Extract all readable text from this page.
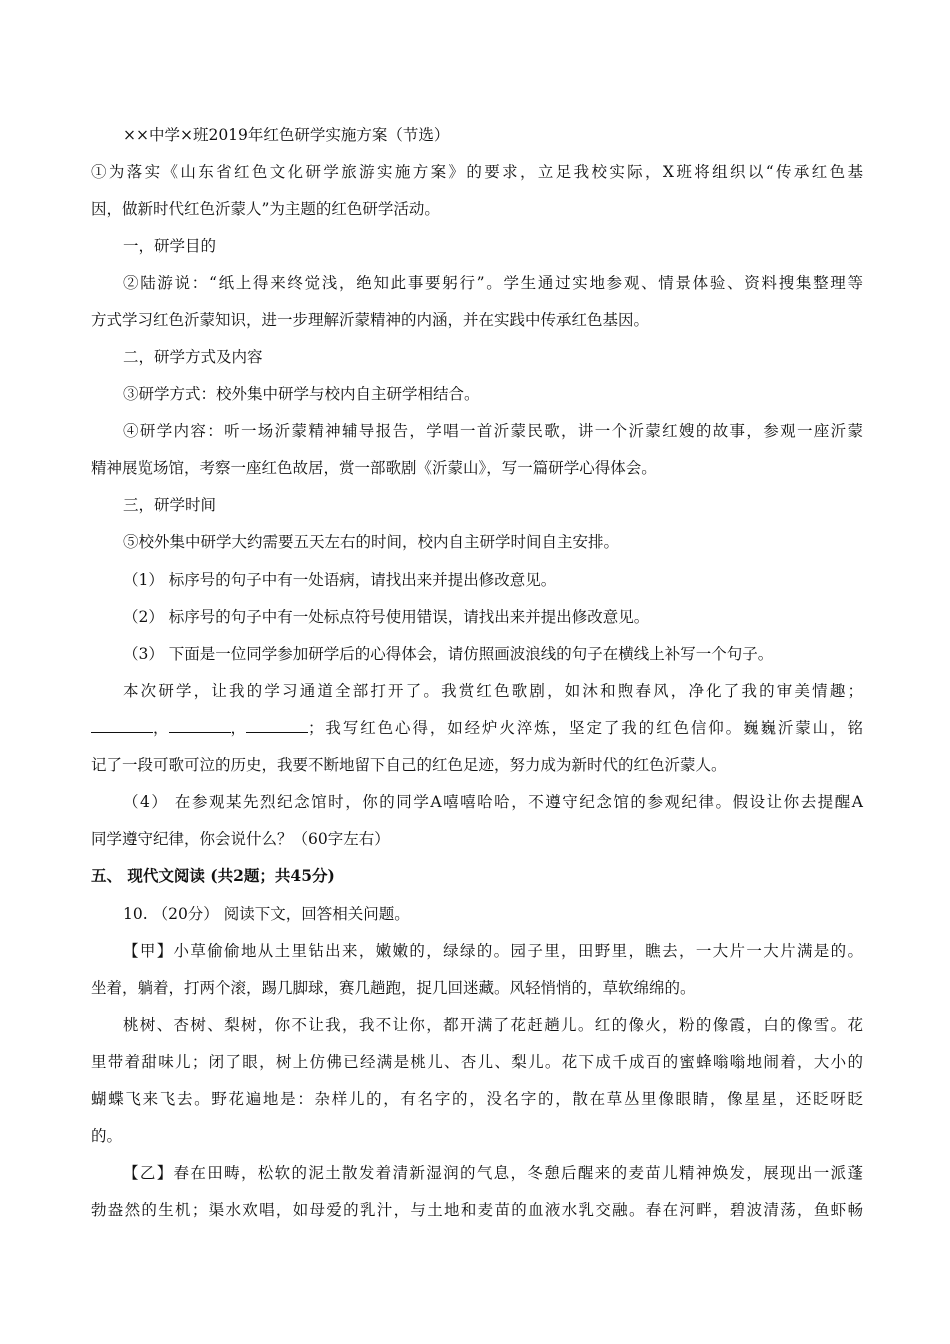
××中学×班2019年红色研学实施方案（节选）
①为落实《山东省红色文化研学旅游实施方案》的要求，立足我校实际，X班将组织以“传承红色基
因，做新时代红色沂蒙人”为主题的红色研学活动。
一，研学目的
②陆游说：“纸上得来终觉浅，绝知此事要躬行”。学生通过实地参观、情景体验、资料搜集整理等
方式学习红色沂蒙知识，进一步理解沂蒙精神的内涵，并在实践中传承红色基因。
二，研学方式及内容
③研学方式：校外集中研学与校内自主研学相结合。
④研学内容：听一场沂蒙精神辅导报告，学唱一首沂蒙民歌，讲一个沂蒙红嫂的故事，参观一座沂蒙
精神展览场馆，考察一座红色故居，赏一部歌剧《沂蒙山》，写一篇研学心得体会。
三，研学时间
⑤校外集中研学大约需要五天左右的时间，校内自主研学时间自主安排。
（1） 标序号的句子中有一处语病，请找出来并提出修改意见。
（2） 标序号的句子中有一处标点符号使用错误，请找出来并提出修改意见。
（3） 下面是一位同学参加研学后的心得体会，请仿照画波浪线的句子在横线上补写一个句子。
本次研学，让我的学习通道全部打开了。我赏红色歌剧，如沐和煦春风，净化了我的审美情趣；
，	，	；我写红色心得，如经炉火淬炼，坚定了我的红色信仰。巍巍沂蒙山，铭
记了一段可歌可泣的历史，我要不断地留下自己的红色足迹，努力成为新时代的红色沂蒙人。
（4） 在参观某先烈纪念馆时，你的同学A嘻嘻哈哈，不遵守纪念馆的参观纪律。假设让你去提醒A
同学遵守纪律，你会说什么？（60字左右）
五、 现代文阅读 (共2题；共45分)
10. （20分） 阅读下文，回答相关问题。
【甲】小草偷偷地从土里钻出来，嫩嫩的，绿绿的。园子里，田野里，瞧去，一大片一大片满是的。
坐着，躺着，打两个滚，踢几脚球，赛几趟跑，捉几回迷藏。风轻悄悄的，草软绵绵的。
桃树、杏树、梨树，你不让我，我不让你，都开满了花赶趟儿。红的像火，粉的像霞，白的像雪。花
里带着甜味儿；闭了眼，树上仿佛已经满是桃儿、杏儿、梨儿。花下成千成百的蜜蜂嗡嗡地闹着，大小的
蝴蝶飞来飞去。野花遍地是：杂样儿的，有名字的，没名字的，散在草丛里像眼睛，像星星，还眨呀眨
的。
【乙】春在田畴，松软的泥土散发着清新湿润的气息，冬憩后醒来的麦苗儿精神焕发，展现出一派蓬
勃盎然的生机；渠水欢唱，如母爱的乳汁，与土地和麦苗的血液水乳交融。春在河畔，碧波清荡，鱼虾畅
